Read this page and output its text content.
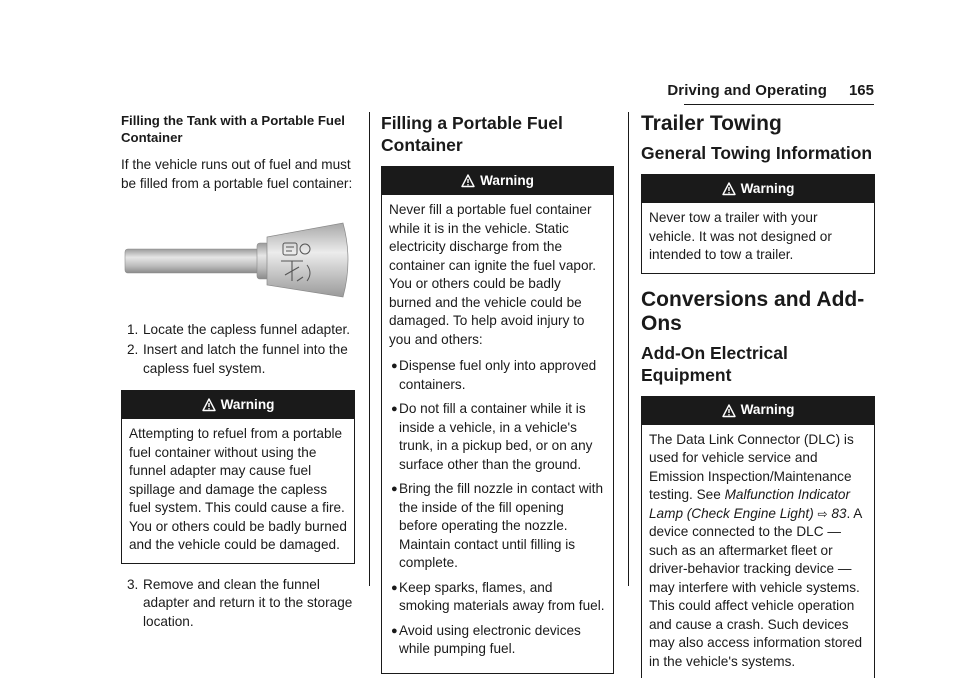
Driving and Operating 165
Filling the Tank with a Portable Fuel Container

If the vehicle runs out of fuel and must be filled from a portable fuel container:

1. Locate the capless funnel adapter.
2. Insert and latch the funnel into the capless fuel system.
Warning

Attempting to refuel from a portable fuel container without using the funnel adapter may cause fuel spillage and damage the capless fuel system. This could cause a fire. You or others could be badly burned and the vehicle could be damaged.

3. Remove and clean the funnel adapter and return it to the storage location.
Filling a Portable Fuel Container
Warning

Never fill a portable fuel container while it is in the vehicle. Static electricity discharge from the container can ignite the fuel vapor. You or others could be badly burned and the vehicle could be damaged. To help avoid injury to you and others:

● Dispense fuel only into approved containers.
● Do not fill a container while it is inside a vehicle, in a vehicle's trunk, in a pickup bed, or on any surface other than the ground.
● Bring the fill nozzle in contact with the inside of the fill opening before operating the nozzle. Maintain contact until filling is complete.
● Keep sparks, flames, and smoking materials away from fuel.
● Avoid using electronic devices while pumping fuel.
Trailer Towing
General Towing Information
Warning

Never tow a trailer with your vehicle. It was not designed or intended to tow a trailer.

Conversions and Add-Ons
Add-On Electrical Equipment
Warning

The Data Link Connector (DLC) is used for vehicle service and Emission Inspection/Maintenance testing. See Malfunction Indicator Lamp (Check Engine Light) ⇨ 83. A device connected to the DLC — such as an aftermarket fleet or driver-behavior tracking device — may interfere with vehicle systems. This could affect vehicle operation and cause a crash. Such devices may also access information stored in the vehicle's systems.
